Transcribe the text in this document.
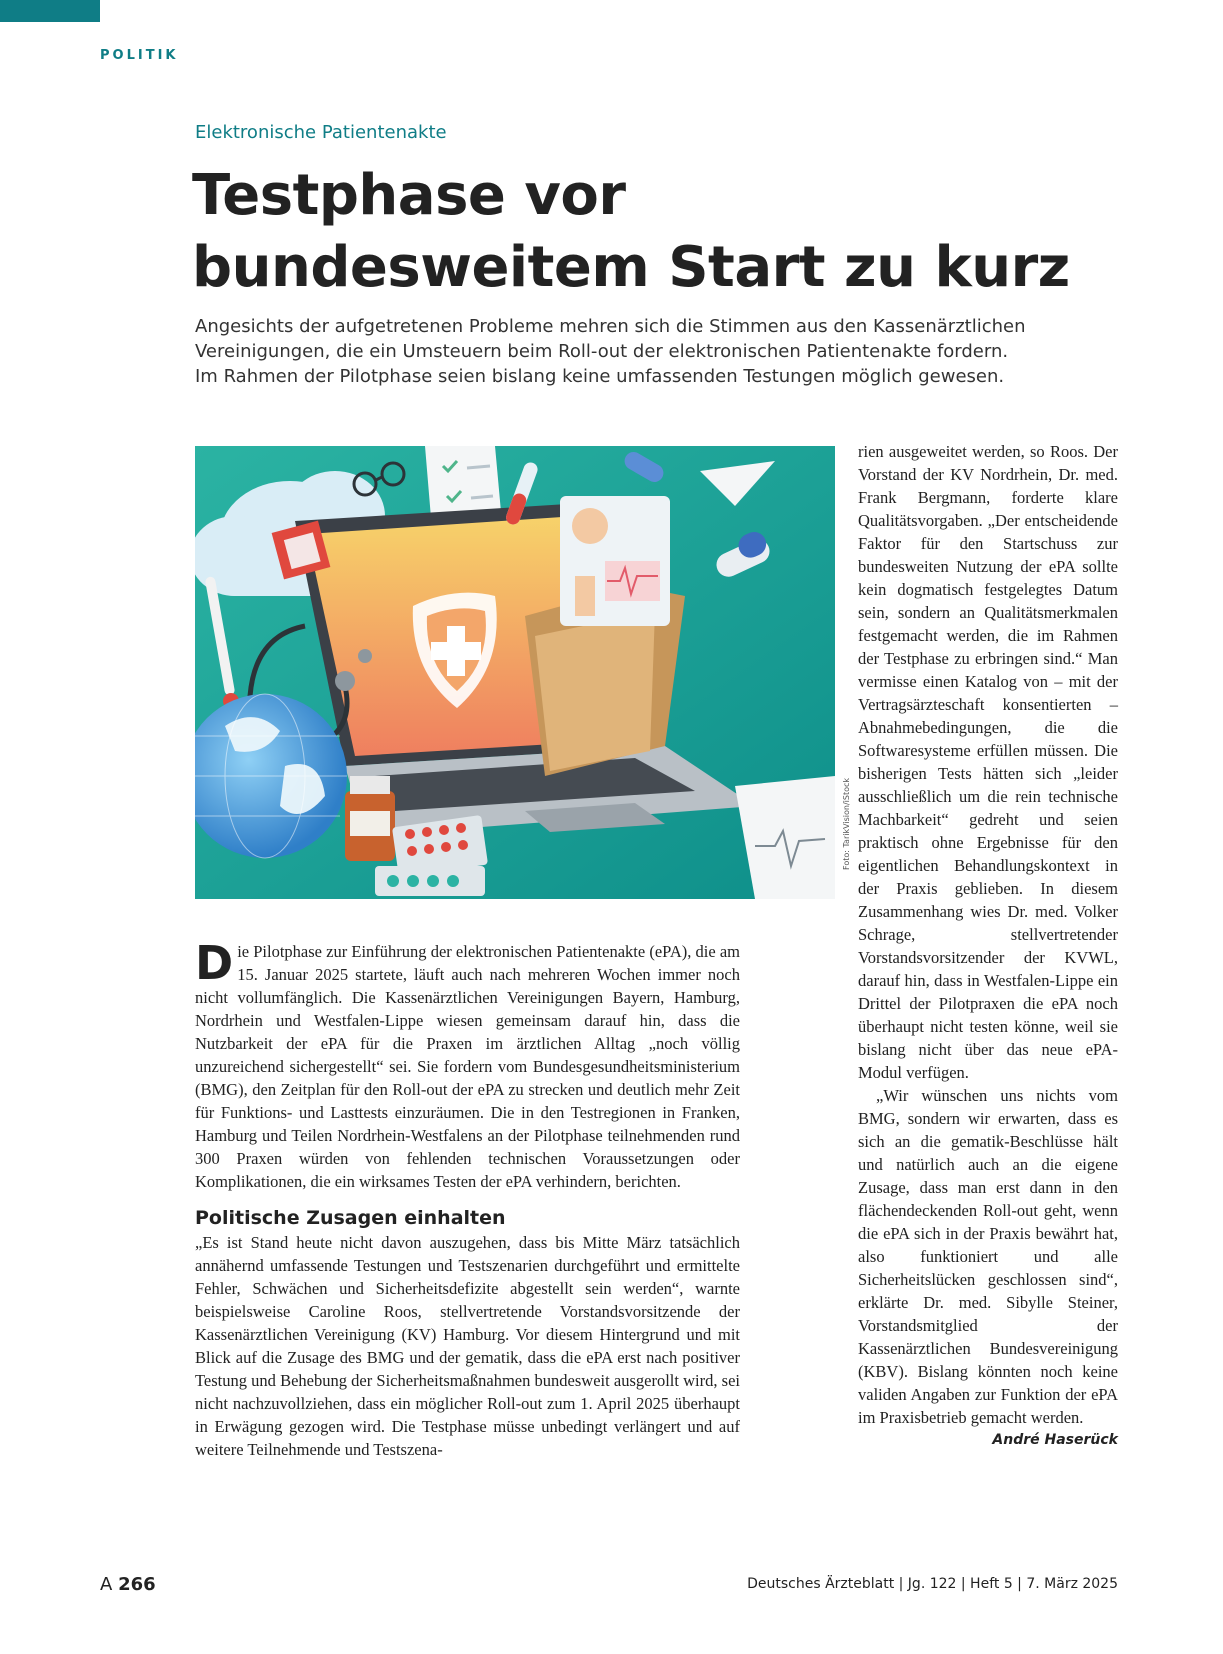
POLITIK
Elektronische Patientenakte
Testphase vor
bundesweitem Start zu kurz
Angesichts der aufgetretenen Probleme mehren sich die Stimmen aus den Kassenärztlichen
Vereinigungen, die ein Umsteuern beim Roll-out der elektronischen Patientenakte fordern.
Im Rahmen der Pilotphase seien bislang keine umfassenden Testungen möglich gewesen.
Foto: TarikVision/iStock

Die Pilotphase zur Einführung der elektronischen Patientenakte (ePA), die am 15. Januar 2025 startete, läuft auch nach mehreren Wochen immer noch nicht vollumfänglich. Die Kassenärztlichen Vereinigungen Bayern, Hamburg, Nordrhein und Westfalen-Lippe wiesen gemeinsam darauf hin, dass die Nutzbarkeit der ePA für die Praxen im ärztlichen Alltag „noch völlig unzureichend sichergestellt“ sei. Sie fordern vom Bundesgesundheitsministerium (BMG), den Zeitplan für den Roll-out der ePA zu strecken und deutlich mehr Zeit für Funktions- und Lasttests einzuräumen. Die in den Testregionen in Franken, Hamburg und Teilen Nordrhein-Westfalens an der Pilotphase teilnehmenden rund 300 Praxen würden von fehlenden technischen Voraussetzungen oder Komplikationen, die ein wirksames Testen der ePA verhindern, berichten.

Politische Zusagen einhalten

„Es ist Stand heute nicht davon auszugehen, dass bis Mitte März tatsächlich annähernd umfassende Testungen und Testszenarien durchgeführt und ermittelte Fehler, Schwächen und Sicherheitsdefizite abgestellt sein werden“, warnte beispielsweise Caroline Roos, stellvertretende Vorstandsvorsitzende der Kassenärztlichen Vereinigung (KV) Hamburg. Vor diesem Hintergrund und mit Blick auf die Zusage des BMG und der gematik, dass die ePA erst nach positiver Testung und Behebung der Sicherheitsmaßnahmen bundesweit ausgerollt wird, sei nicht nachzuvollziehen, dass ein möglicher Roll-out zum 1. April 2025 überhaupt in Erwägung gezogen wird. Die Testphase müsse unbedingt verlängert und auf weitere Teilnehmende und Testszena-

rien ausgeweitet werden, so Roos. Der Vorstand der KV Nordrhein, Dr. med. Frank Bergmann, forderte klare Qualitätsvorgaben. „Der entscheidende Faktor für den Startschuss zur bundesweiten Nutzung der ePA sollte kein dogmatisch festgelegtes Datum sein, sondern an Qualitätsmerkmalen festgemacht werden, die im Rahmen der Testphase zu erbringen sind.“ Man vermisse einen Katalog von – mit der Vertragsärzteschaft konsentierten – Abnahmebedingungen, die die Softwaresysteme erfüllen müssen. Die bisherigen Tests hätten sich „leider ausschließlich um die rein technische Machbarkeit“ gedreht und seien praktisch ohne Ergebnisse für den eigentlichen Behandlungskontext in der Praxis geblieben. In diesem Zusammenhang wies Dr. med. Volker Schrage, stellvertretender Vorstandsvorsitzender der KVWL, darauf hin, dass in Westfalen-Lippe ein Drittel der Pilotpraxen die ePA noch überhaupt nicht testen könne, weil sie bislang nicht über das neue ePA-Modul verfügen.

„Wir wünschen uns nichts vom BMG, sondern wir erwarten, dass es sich an die gematik-Beschlüsse hält und natürlich auch an die eigene Zusage, dass man erst dann in den flächendeckenden Roll-out geht, wenn die ePA sich in der Praxis bewährt hat, also funktioniert und alle Sicherheitslücken geschlossen sind“, erklärte Dr. med. Sibylle Steiner, Vorstandsmitglied der Kassenärztlichen Bundesvereinigung (KBV). Bislang könnten noch keine validen Angaben zur Funktion der ePA im Praxisbetrieb gemacht werden.
André Haserück

A 266	Deutsches Ärzteblatt | Jg. 122 | Heft 5 | 7. März 2025
